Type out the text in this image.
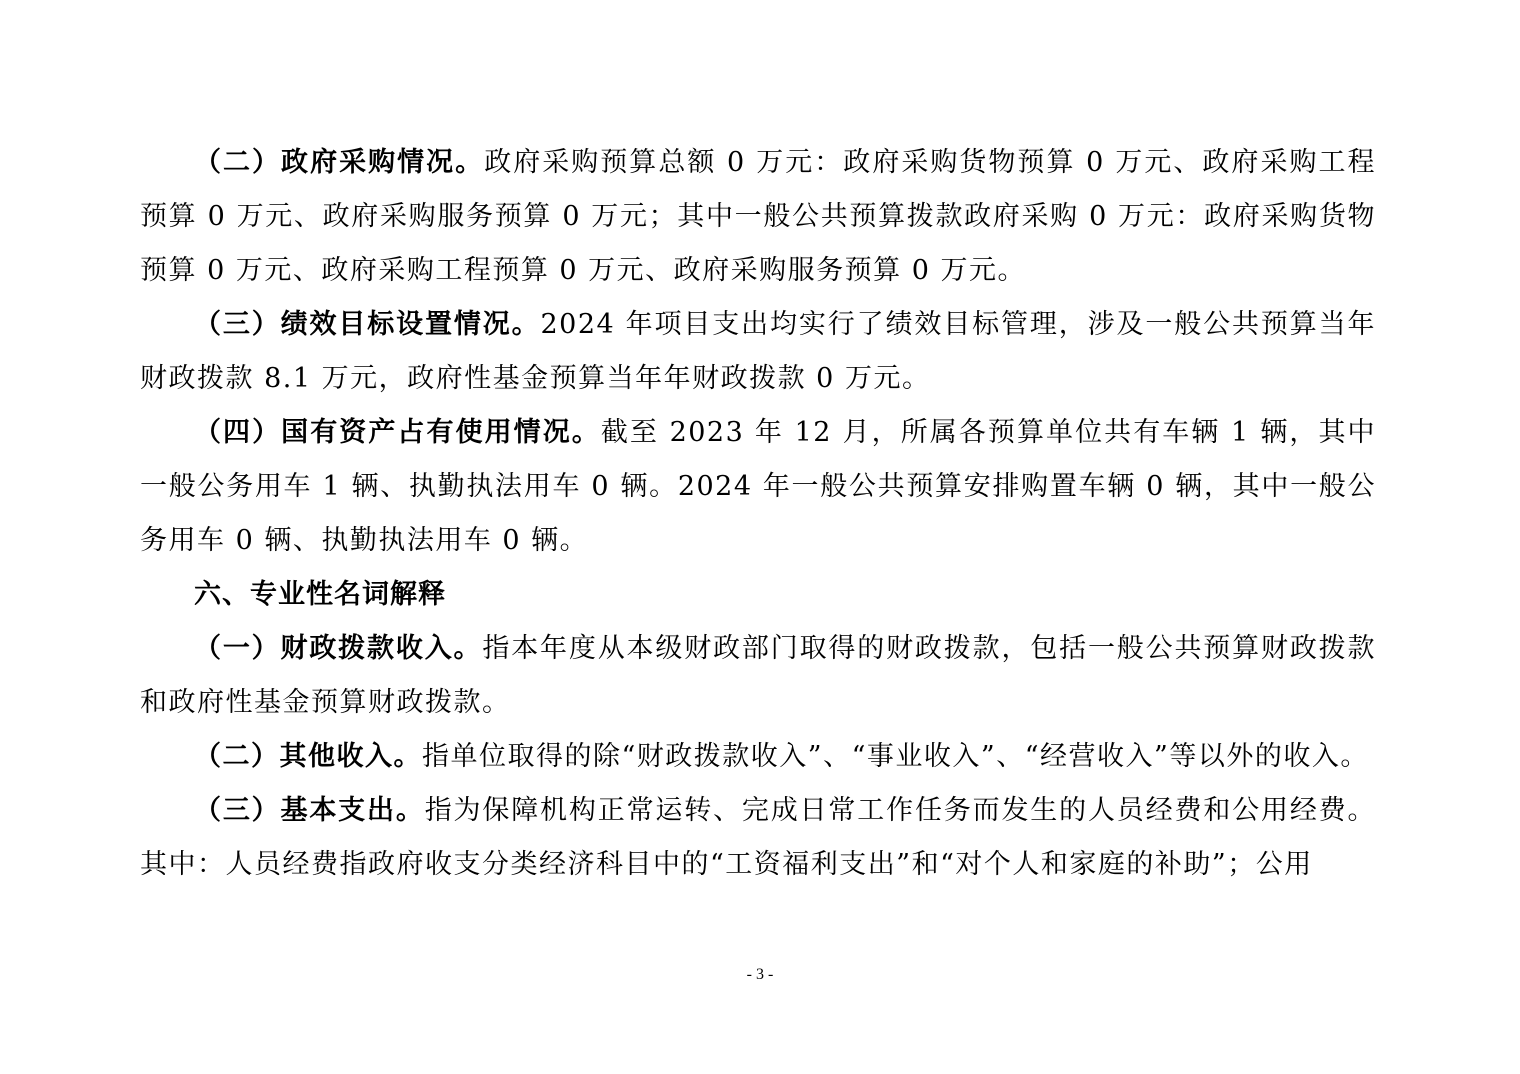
（二）政府采购情况。政府采购预算总额 0 万元：政府采购货物预算 0 万元、政府采购工程预算 0 万元、政府采购服务预算 0 万元；其中一般公共预算拨款政府采购 0 万元：政府采购货物预算 0 万元、政府采购工程预算 0 万元、政府采购服务预算 0 万元。

（三）绩效目标设置情况。2024 年项目支出均实行了绩效目标管理，涉及一般公共预算当年财政拨款 8.1 万元，政府性基金预算当年年财政拨款 0 万元。

（四）国有资产占有使用情况。截至 2023 年 12 月，所属各预算单位共有车辆 1 辆，其中一般公务用车 1 辆、执勤执法用车 0 辆。2024 年一般公共预算安排购置车辆 0 辆，其中一般公务用车 0 辆、执勤执法用车 0 辆。

六、专业性名词解释

（一）财政拨款收入。指本年度从本级财政部门取得的财政拨款，包括一般公共预算财政拨款和政府性基金预算财政拨款。

（二）其他收入。指单位取得的除“财政拨款收入”、“事业收入”、“经营收入”等以外的收入。

（三）基本支出。指为保障机构正常运转、完成日常工作任务而发生的人员经费和公用经费。其中：人员经费指政府收支分类经济科目中的“工资福利支出”和“对个人和家庭的补助”；公用

- 3 -
